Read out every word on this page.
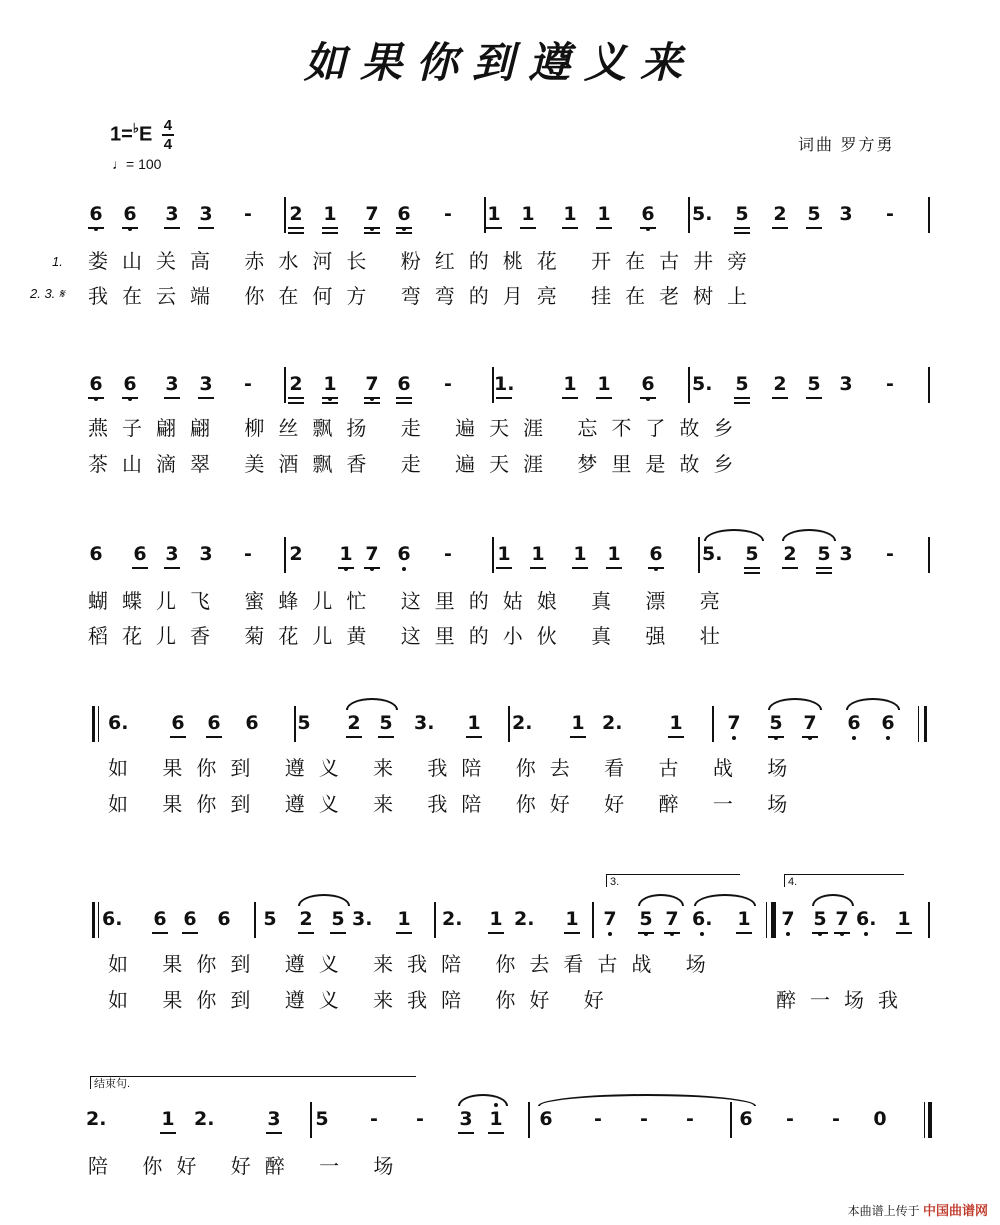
如果你到遵义来
$1=^♭E \frac{4}{4}$
♩= 100
词曲 罗方勇
1. 娄山关高 赤水河长 粉红的桃花 开在古井旁
2. 3. 𝄋 我在云端 你在何方 弯弯的月亮 挂在老树上
燕子翩翩 柳丝飘扬 走 遍天涯 忘不了故乡
茶山滴翠 美酒飘香 走 遍天涯 梦里是故乡
蝴蝶儿飞 蜜蜂儿忙 这里的姑娘 真 漂 亮
稻花儿香 菊花儿黄 这里的小伙 真 强 壮
如 果你到 遵义 来 我陪 你去 看 古 战 场
如 果你到 遵义 来 我陪 你好 好 醉 一 场
3.	4.
如 果你到 遵义 来我陪 你去看古战 场
如 果你到 遵义 来我陪 你好 好	醉一场我
结束句.
陪 你好 好醉 一 场
本曲谱上传于 中国曲谱网
6 6 3 3	-	2 1 7 6	-	1 1 1 1 6 5. 5 2 5 3	-
6 6 3 3	-	2 1 7 6	-	1.	1 1 6 5. 5 2 5 3	-
6 6 3 3	-	2 1 7 6	-	1 1 1 1 6 5. 5 2 5 3	-
6. 6 6 6 5 2 5 3. 1 2. 1 2. 1 7 5 7 6 6
6. 6 6 6 5 2 5 3. 1 2. 1 2. 1 7 5 7 6. 1 7 5 7 6. 1
2.	1 2.	3 5	-	-	3 1 6	-	-	-	6	-	-	0
